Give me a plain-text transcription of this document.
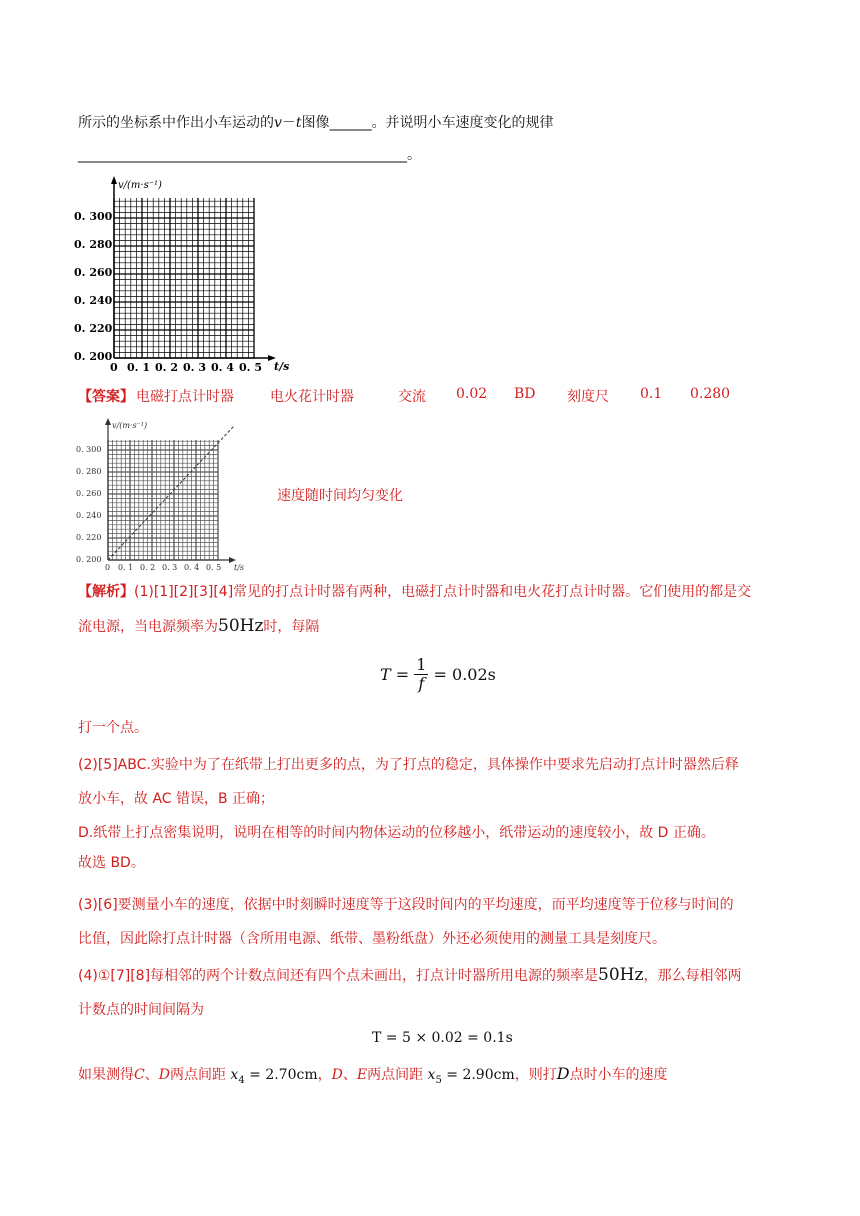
所示的坐标系中作出小车运动的v－t图像______。并说明小车速度变化的规律
_______________________________________________。
v/(m·s⁻¹)
t/s
0. 300
0. 280
0. 260
0. 240
0. 220
0. 200
0 0. 1 0. 2 0. 3 0. 4 0. 5
【答案】 电磁打点计时器	电火花计时器	交流 0.02 BD 刻度尺 0.1 0.280
v/(m·s⁻¹)
t/s
0. 300
0. 280
0. 260
0. 240
0. 220
0. 200
0 0. 1 0. 2 0. 3 0. 4 0. 5
速度随时间均匀变化
【解析】(1)[1][2][3][4]常见的打点计时器有两种，电磁打点计时器和电火花打点计时器。它们使用的都是交
流电源，当电源频率为50Hz时，每隔
$T = \frac{1}{f} = 0.02s$
打一个点。
(2)[5]ABC.实验中为了在纸带上打出更多的点，为了打点的稳定，具体操作中要求先启动打点计时器然后释
放小车，故 AC 错误，B 正确；
D.纸带上打点密集说明，说明在相等的时间内物体运动的位移越小，纸带运动的速度较小，故 D 正确。
故选 BD。
(3)[6]要测量小车的速度，依据中时刻瞬时速度等于这段时间内的平均速度，而平均速度等于位移与时间的
比值，因此除打点计时器（含所用电源、纸带、墨粉纸盘）外还必须使用的测量工具是刻度尺。
(4)①[7][8]每相邻的两个计数点间还有四个点未画出，打点计时器所用电源的频率是50Hz，那么每相邻两
计数点的时间间隔为
T = 5 × 0.02 = 0.1s
如果测得C、D两点间距 $x_4 = 2.70cm$，D、E两点间距 $x_5 = 2.90cm$，则打D点时小车的速度
